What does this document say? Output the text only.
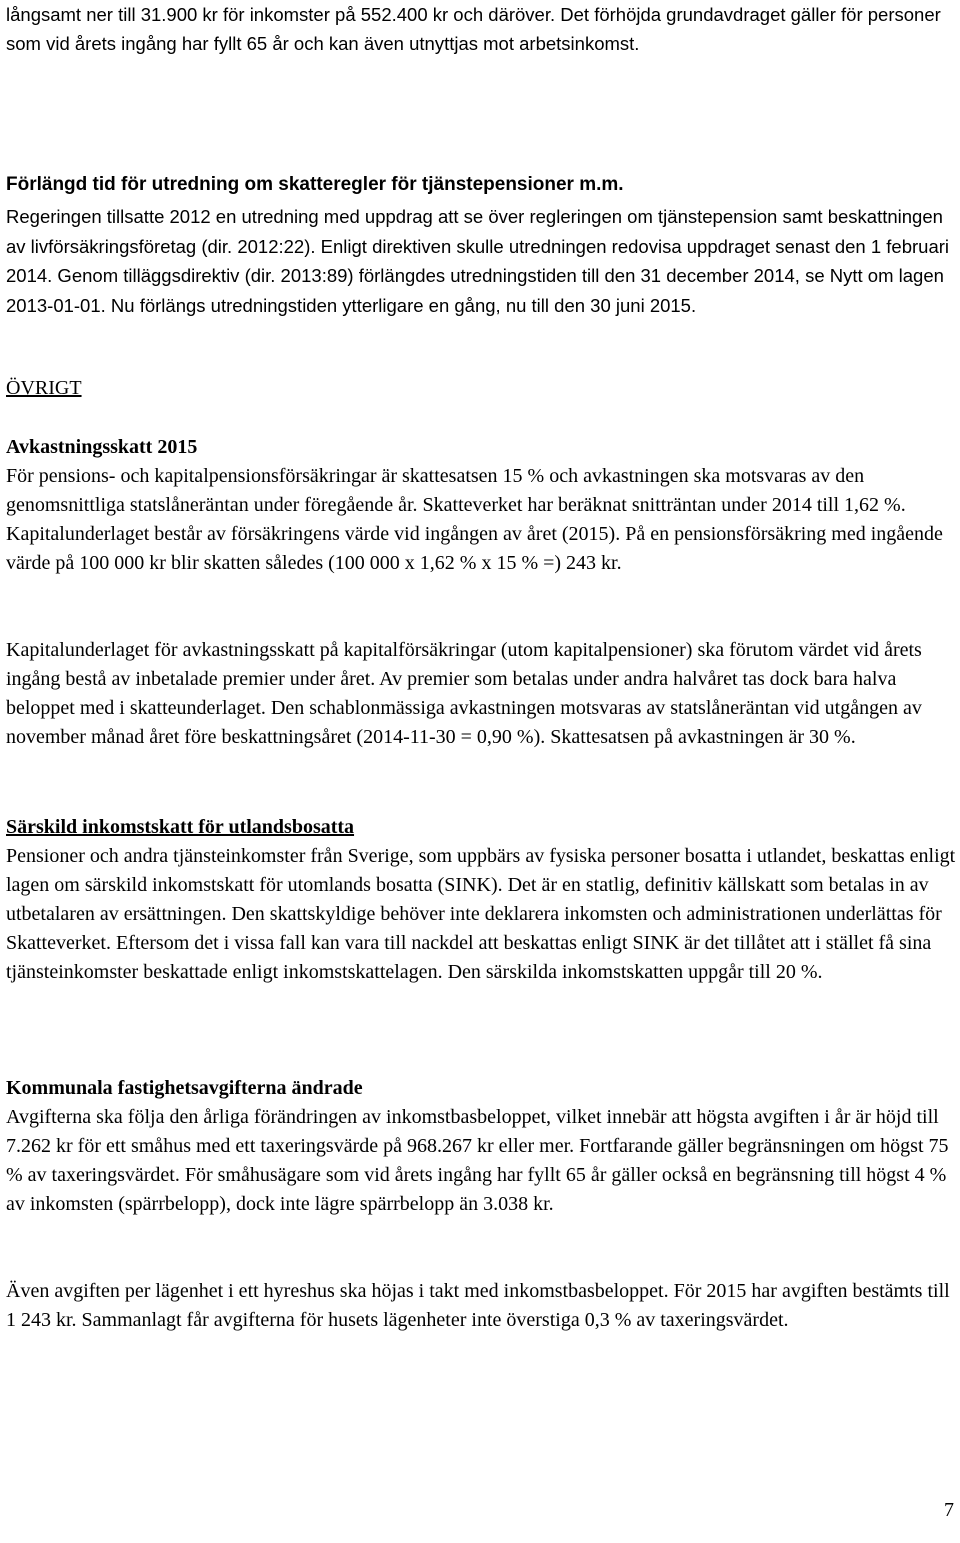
långsamt ner till 31.900 kr för inkomster på 552.400 kr och däröver. Det förhöjda grundavdraget gäller för personer som vid årets ingång har fyllt 65 år och kan även utnyttjas mot arbetsinkomst.

Förlängd tid för utredning om skatteregler för tjänstepensioner m.m.

Regeringen tillsatte 2012 en utredning med uppdrag att se över regleringen om tjänstepension samt beskattningen av livförsäkringsföretag (dir. 2012:22). Enligt direktiven skulle utredningen redovisa uppdraget senast den 1 februari 2014. Genom tilläggsdirektiv (dir. 2013:89) förlängdes utredningstiden till den 31 december 2014, se Nytt om lagen 2013-01-01. Nu förlängs utredningstiden ytterligare en gång, nu till den 30 juni 2015.

ÖVRIGT

Avkastningsskatt 2015

För pensions- och kapitalpensionsförsäkringar är skattesatsen 15 % och avkastningen ska motsvaras av den genomsnittliga statslåneräntan under föregående år. Skatteverket har beräknat snitträntan under 2014 till 1,62 %. Kapitalunderlaget består av försäkringens värde vid ingången av året (2015). På en pensionsförsäkring med ingående värde på 100 000 kr blir skatten således (100 000 x 1,62 % x 15 % =) 243 kr.

Kapitalunderlaget för avkastningsskatt på kapitalförsäkringar (utom kapitalpensioner) ska förutom värdet vid årets ingång bestå av inbetalade premier under året. Av premier som betalas under andra halvåret tas dock bara halva beloppet med i skatteunderlaget. Den schablonmässiga avkastningen motsvaras av statslåneräntan vid utgången av november månad året före beskattningsåret (2014-11-30 = 0,90 %). Skattesatsen på avkastningen är 30 %.

Särskild inkomstskatt för utlandsbosatta

Pensioner och andra tjänsteinkomster från Sverige, som uppbärs av fysiska personer bosatta i utlandet, beskattas enligt lagen om särskild inkomstskatt för utomlands bosatta (SINK). Det är en statlig, definitiv källskatt som betalas in av utbetalaren av ersättningen. Den skattskyldige behöver inte deklarera inkomsten och administrationen underlättas för Skatteverket. Eftersom det i vissa fall kan vara till nackdel att beskattas enligt SINK är det tillåtet att i stället få sina tjänsteinkomster beskattade enligt inkomstskattelagen. Den särskilda inkomstskatten uppgår till 20 %.

Kommunala fastighetsavgifterna ändrade

Avgifterna ska följa den årliga förändringen av inkomstbasbeloppet, vilket innebär att högsta avgiften i år är höjd till 7.262 kr för ett småhus med ett taxeringsvärde på 968.267 kr eller mer. Fortfarande gäller begränsningen om högst 75 % av taxeringsvärdet. För småhusägare som vid årets ingång har fyllt 65 år gäller också en begränsning till högst 4 % av inkomsten (spärrbelopp), dock inte lägre spärrbelopp än 3.038 kr.

Även avgiften per lägenhet i ett hyreshus ska höjas i takt med inkomstbasbeloppet. För 2015 har avgiften bestämts till 1 243 kr. Sammanlagt får avgifterna för husets lägenheter inte överstiga 0,3 % av taxeringsvärdet.

7
